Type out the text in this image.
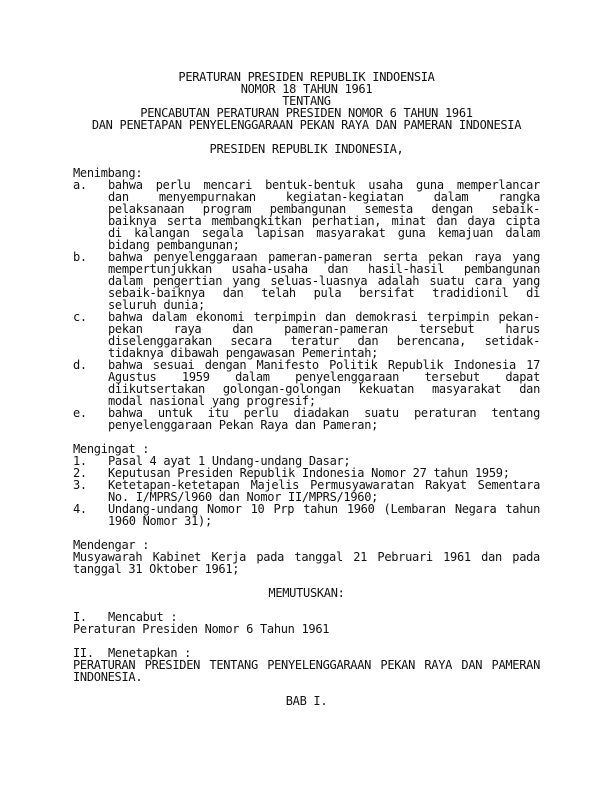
PERATURAN PRESIDEN REPUBLIK INDOENSIA
NOMOR 18 TAHUN 1961
TENTANG
PENCABUTAN PERATURAN PRESIDEN NOMOR 6 TAHUN 1961
DAN PENETAPAN PENYELENGGARAAN PEKAN RAYA DAN PAMERAN INDONESIA
PRESIDEN REPUBLIK INDONESIA,
Menimbang:
a.	bahwa perlu mencari bentuk-bentuk usaha guna memperlancar
dan menyempurnakan kegiatan-kegiatan dalam rangka
pelaksanaan program pembangunan semesta dengan sebaik-
baiknya serta membangkitkan perhatian, minat dan daya cipta
di kalangan segala lapisan masyarakat guna kemajuan dalam
bidang pembangunan;
b.	bahwa penyelenggaraan pameran-pameran serta pekan raya yang
mempertunjukkan usaha-usaha dan hasil-hasil pembangunan
dalam pengertian yang seluas-luasnya adalah suatu cara yang
sebaik-baiknya dan telah pula bersifat tradidionil di
seluruh dunia;
c.	bahwa dalam ekonomi terpimpin dan demokrasi terpimpin pekan-
pekan raya dan pameran-pameran tersebut harus
diselenggarakan secara teratur dan berencana, setidak-
tidaknya dibawah pengawasan Pemerintah;
d.	bahwa sesuai dengan Manifesto Politik Republik Indonesia 17
Agustus 1959 dalam penyelenggaraan tersebut dapat
diikutsertakan golongan-golongan kekuatan masyarakat dan
modal nasional yang progresif;
e.	bahwa untuk itu perlu diadakan suatu peraturan tentang
penyelenggaraan Pekan Raya dan Pameran;
Mengingat :
1.	Pasal 4 ayat 1 Undang-undang Dasar;
2.	Keputusan Presiden Republik Indonesia Nomor 27 tahun 1959;
3.	Ketetapan-ketetapan Majelis Permusyawaratan Rakyat Sementara
No. I/MPRS/l960 dan Nomor II/MPRS/1960;
4.	Undang-undang Nomor 10 Prp tahun 1960 (Lembaran Negara tahun
1960 Nomor 31);
Mendengar :
Musyawarah Kabinet Kerja pada tanggal 21 Pebruari 1961 dan pada
tanggal 31 Oktober 1961;
MEMUTUSKAN:
I.	Mencabut :
Peraturan Presiden Nomor 6 Tahun 1961
II.	Menetapkan :
PERATURAN PRESIDEN TENTANG PENYELENGGARAAN PEKAN RAYA DAN PAMERAN
INDONESIA.
BAB I.
